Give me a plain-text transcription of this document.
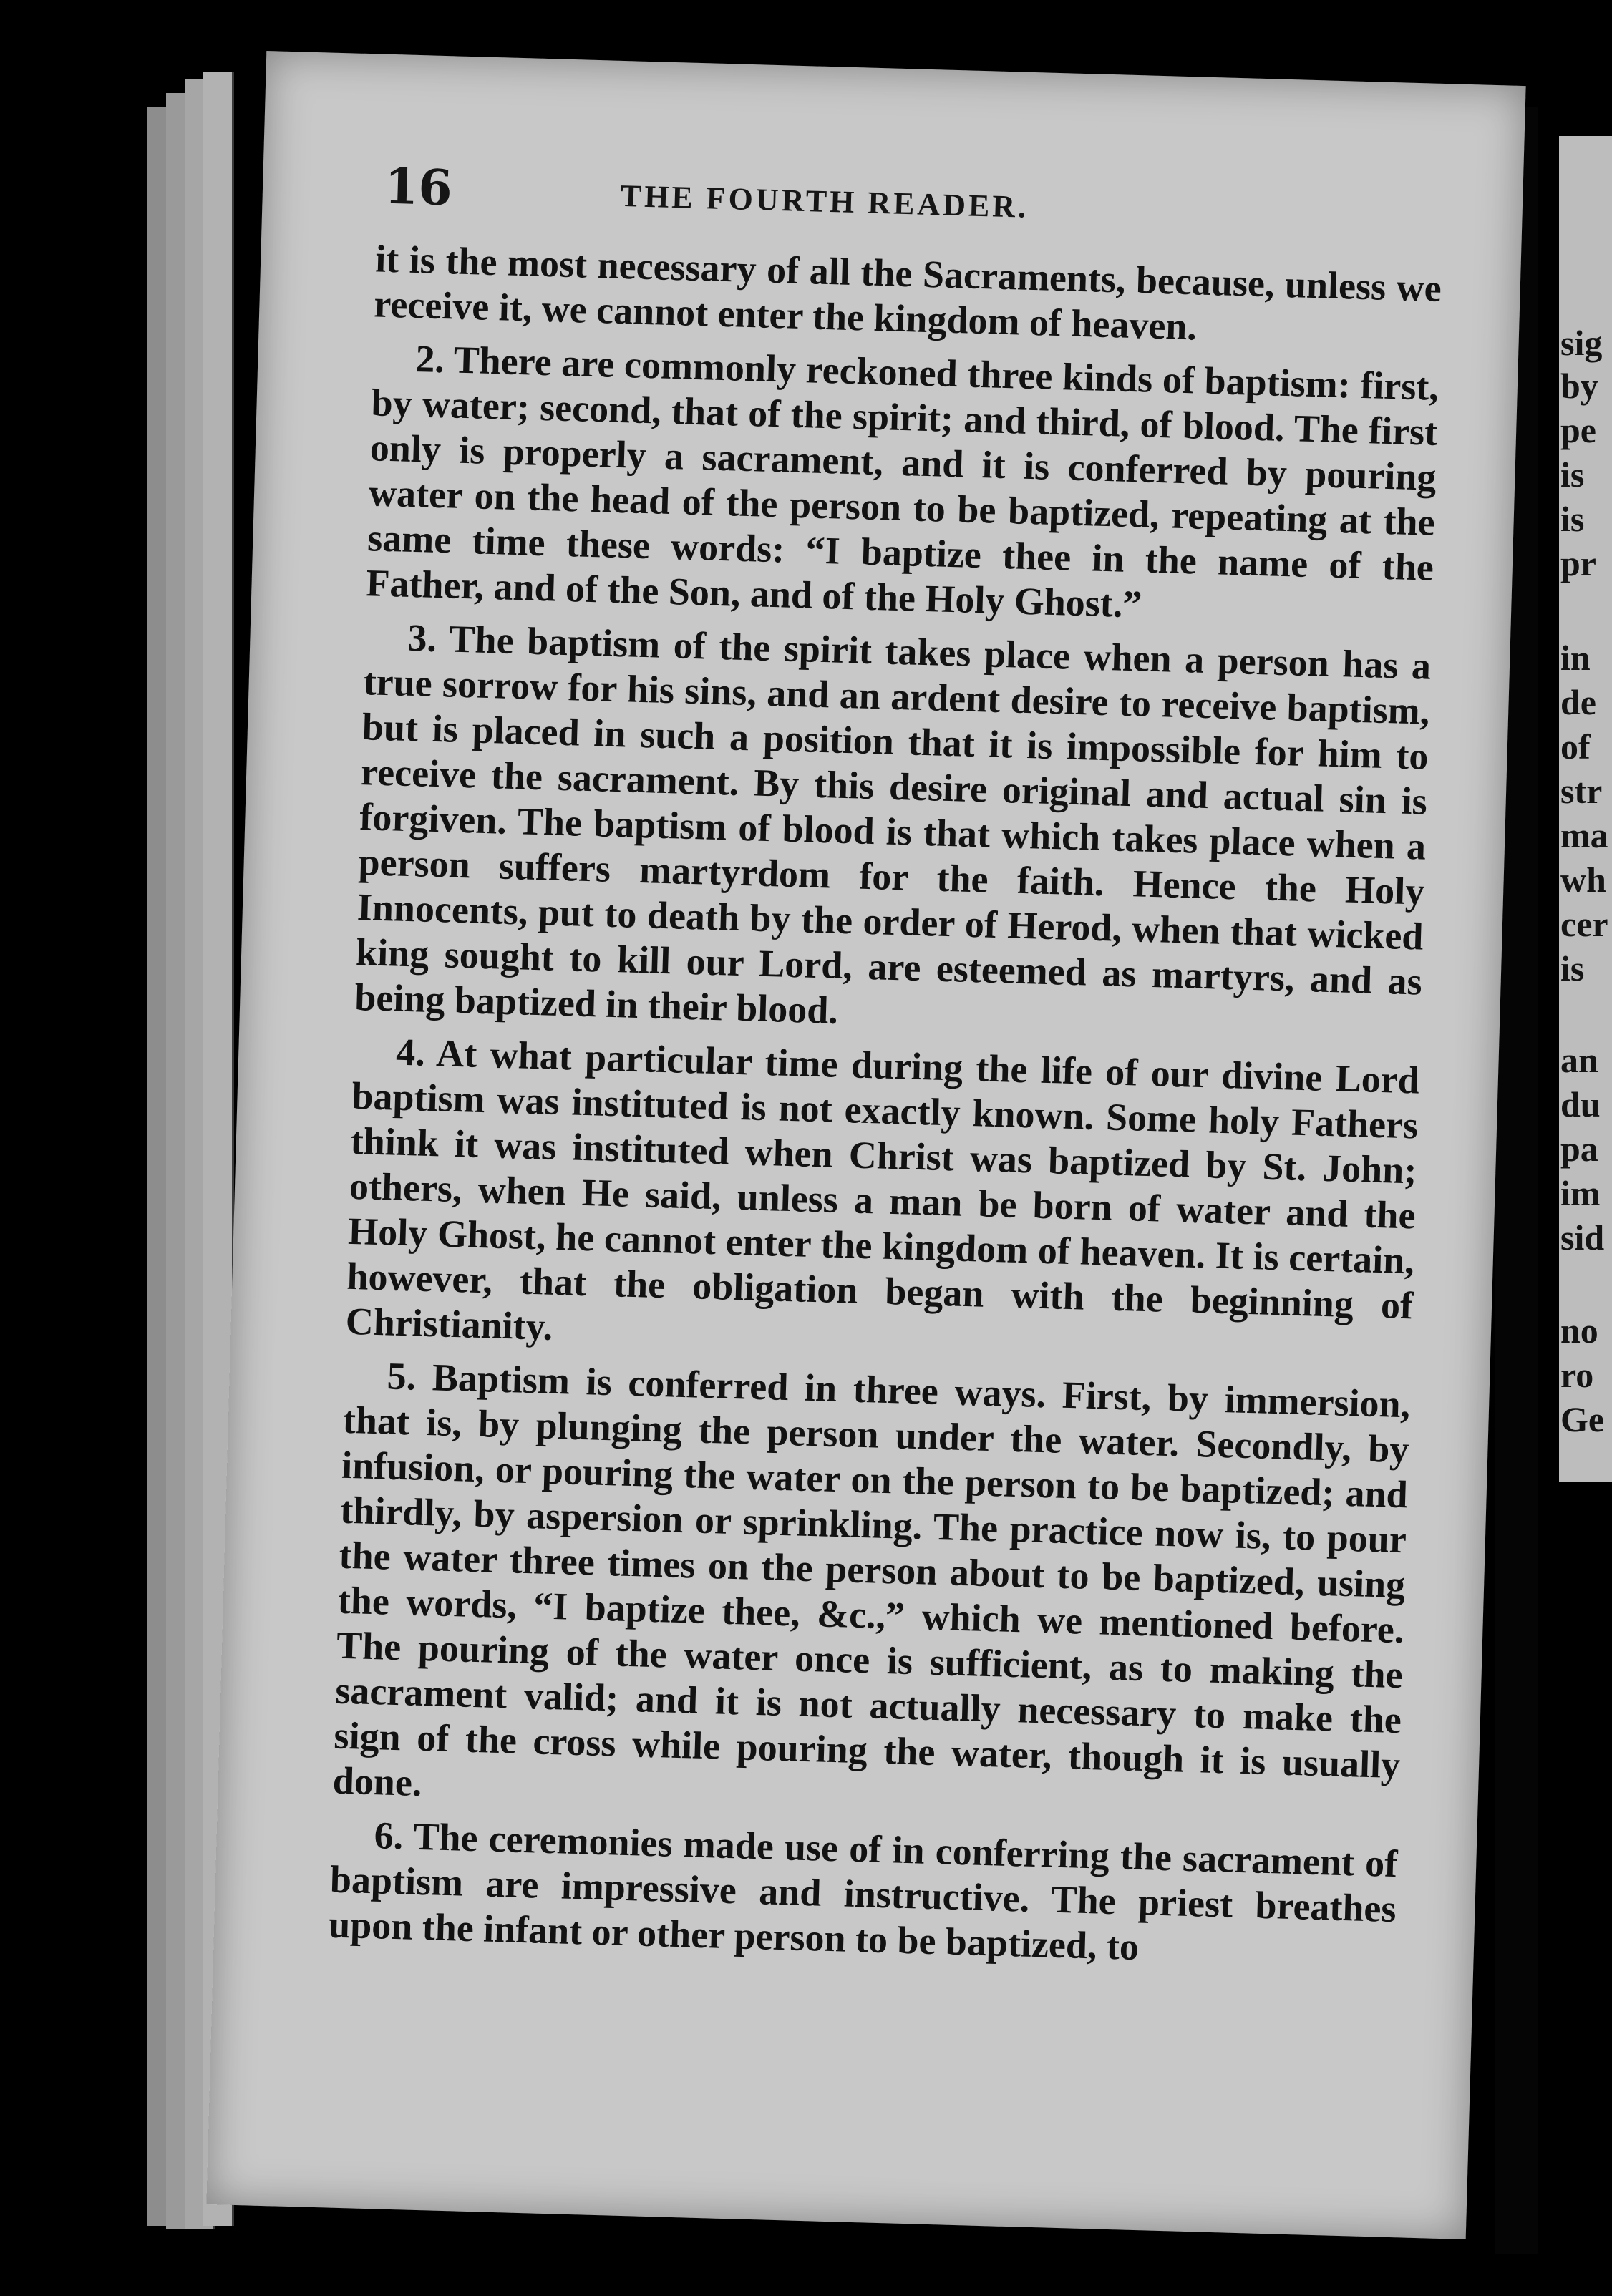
16	THE FOURTH READER.

it is the most necessary of all the Sacraments, because, unless we receive it, we cannot enter the kingdom of heaven.

2. There are commonly reckoned three kinds of baptism: first, by water; second, that of the spirit; and third, of blood. The first only is properly a sacrament, and it is conferred by pouring water on the head of the person to be baptized, repeating at the same time these words: “I baptize thee in the name of the Father, and of the Son, and of the Holy Ghost.”

3. The baptism of the spirit takes place when a person has a true sorrow for his sins, and an ardent desire to receive baptism, but is placed in such a position that it is impossible for him to receive the sacrament. By this desire original and actual sin is forgiven. The baptism of blood is that which takes place when a person suffers martyrdom for the faith. Hence the Holy Innocents, put to death by the order of Herod, when that wicked king sought to kill our Lord, are esteemed as martyrs, and as being baptized in their blood.

4. At what particular time during the life of our divine Lord baptism was instituted is not exactly known. Some holy Fathers think it was instituted when Christ was baptized by St. John; others, when He said, unless a man be born of water and the Holy Ghost, he cannot enter the kingdom of heaven. It is certain, however, that the obligation began with the beginning of Christianity.

5. Baptism is conferred in three ways. First, by immersion, that is, by plunging the person under the water. Secondly, by infusion, or pouring the water on the person to be baptized; and thirdly, by aspersion or sprinkling. The practice now is, to pour the water three times on the person about to be baptized, using the words, “I baptize thee, &c.,” which we mentioned before. The pouring of the water once is sufficient, as to making the sacrament valid; and it is not actually necessary to make the sign of the cross while pouring the water, though it is usually done.

6. The ceremonies made use of in conferring the sacrament of baptism are impressive and instructive. The priest breathes upon the infant or other person to be baptized, to

sig
by
pe
is
is
pr
in
de
of
str
ma
wh
cer
is
an
du
pa
im
sid
no
ro
Ge
